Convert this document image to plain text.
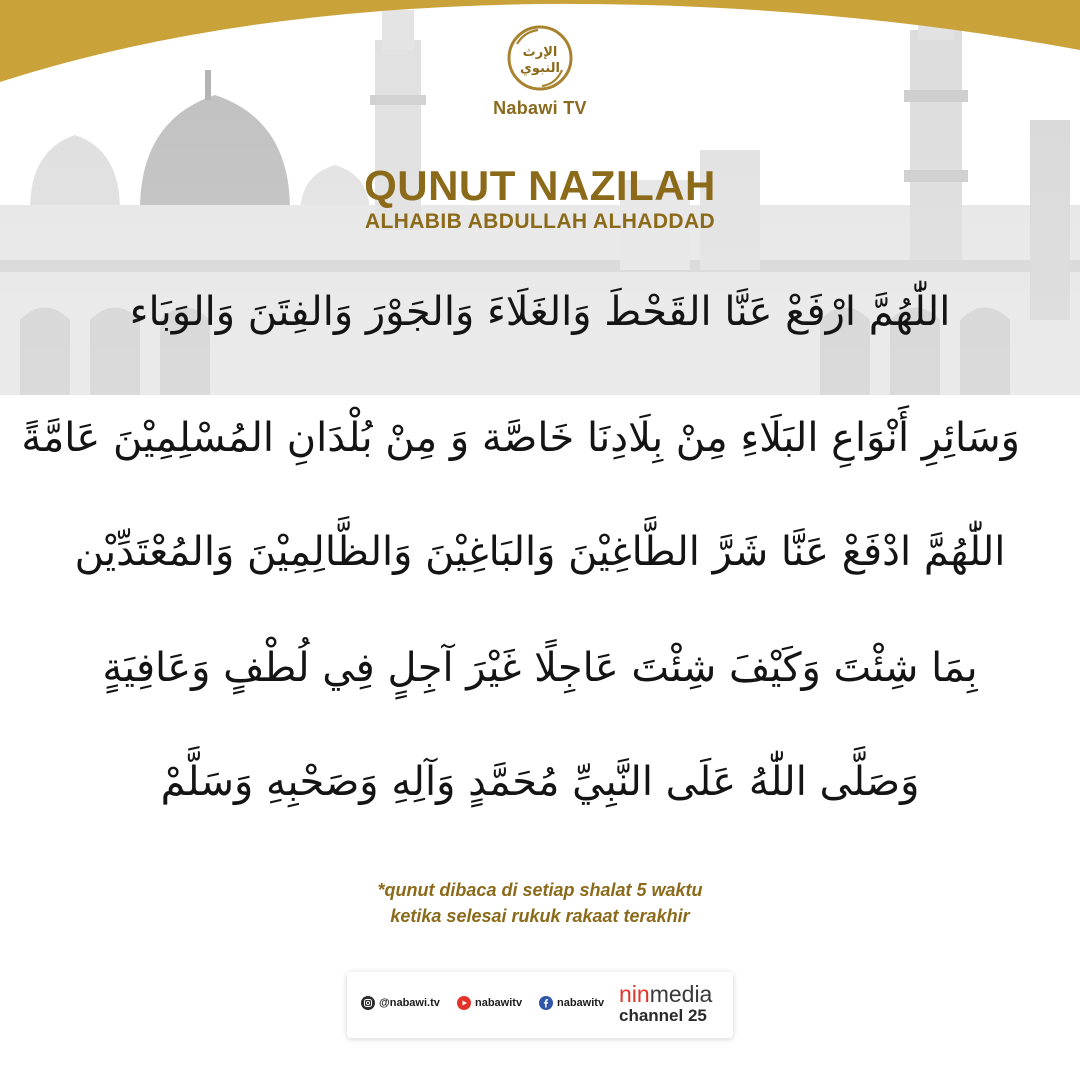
الإرث
النبوي
Nabawi TV
QUNUT NAZILAH
ALHABIB ABDULLAH ALHADDAD
اللّٰهُمَّ ارْفَعْ عَنَّا القَحْطَ وَالغَلَاءَ وَالجَوْرَ وَالفِتَنَ وَالوَبَاء
وَسَائِرِ أَنْوَاعِ البَلَاءِ مِنْ بِلَادِنَا خَاصَّة وَ مِنْ بُلْدَانِ المُسْلِمِيْنَ عَامَّةً
اللّٰهُمَّ ادْفَعْ عَنَّا شَرَّ الطَّاغِيْنَ وَالبَاغِيْنَ وَالظَّالِمِيْنَ وَالمُعْتَدِّيْن
بِمَا شِئْتَ وَكَيْفَ شِئْتَ عَاجِلًا غَيْرَ آجِلٍ فِي لُطْفٍ وَعَافِيَةٍ
وَصَلَّى اللّٰهُ عَلَى النَّبِيِّ مُحَمَّدٍ وَآلِهِ وَصَحْبِهِ وَسَلَّمْ
*qunut dibaca di setiap shalat 5 waktu
ketika selesai rukuk rakaat terakhir
@nabawi.tv	nabawitv	nabawitv ninmedia
channel 25
